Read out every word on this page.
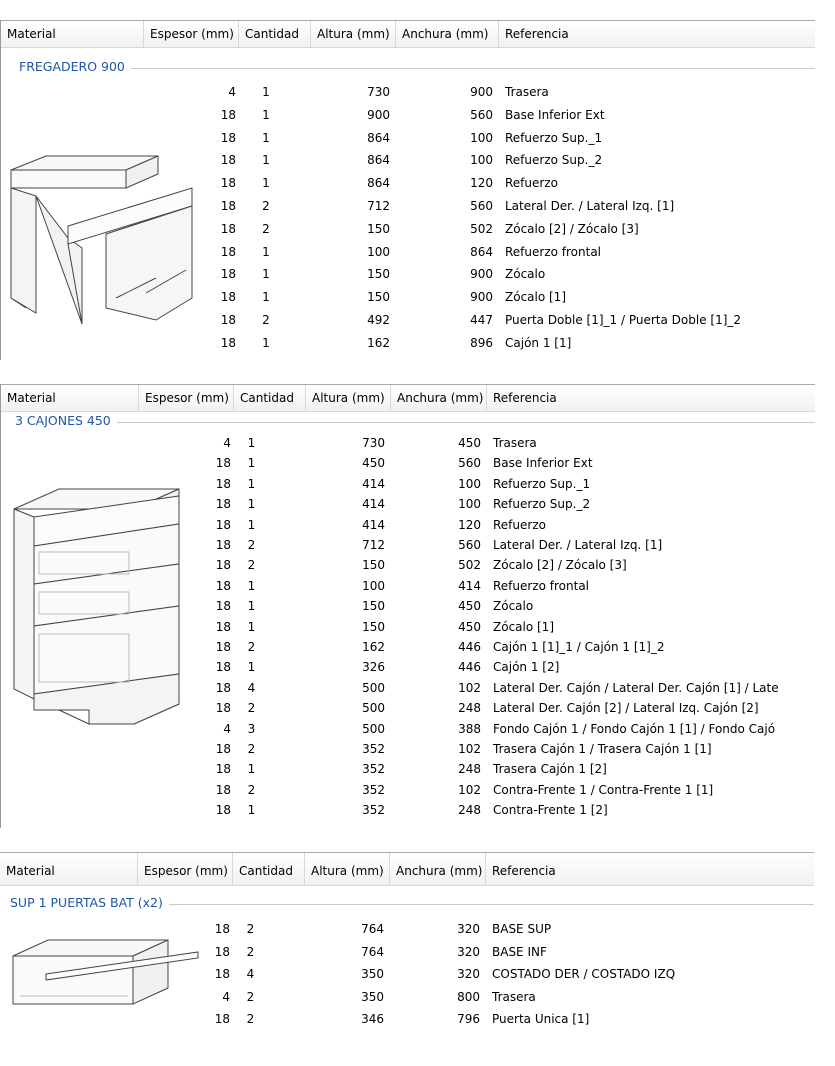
Material	Espesor (mm) Cantidad	Altura (mm)	Anchura (mm)	Referencia
FREGADERO 900
4	1	730	900 Trasera
18	1	900	560 Base Inferior Ext
18	1	864	100 Refuerzo Sup._1
18	1	864	100 Refuerzo Sup._2
18	1	864	120 Refuerzo
18	2	712	560 Lateral Der. / Lateral Izq. [1]
18	2	150	502 Zócalo [2] / Zócalo [3]
18	1	100	864 Refuerzo frontal
18	1	150	900 Zócalo
18	1	150	900 Zócalo [1]
18	2	492	447 Puerta Doble [1]_1 / Puerta Doble [1]_2
18	1	162	896 Cajón 1 [1]
Material	Espesor (mm) Cantidad	Altura (mm)	Anchura (mm) Referencia
3 CAJONES 450
4	1	730	450 Trasera
18	1	450	560 Base Inferior Ext
18	1	414	100 Refuerzo Sup._1
18	1	414	100 Refuerzo Sup._2
18	1	414	120 Refuerzo
18	2	712	560 Lateral Der. / Lateral Izq. [1]
18	2	150	502 Zócalo [2] / Zócalo [3]
18	1	100	414 Refuerzo frontal
18	1	150	450 Zócalo
18	1	150	450 Zócalo [1]
18	2	162	446 Cajón 1 [1]_1 / Cajón 1 [1]_2
18	1	326	446 Cajón 1 [2]
18	4	500	102 Lateral Der. Cajón / Lateral Der. Cajón [1] / Late
18	2	500	248 Lateral Der. Cajón [2] / Lateral Izq. Cajón [2]
4	3	500	388 Fondo Cajón 1 / Fondo Cajón 1 [1] / Fondo Cajó
18	2	352	102 Trasera Cajón 1 / Trasera Cajón 1 [1]
18	1	352	248 Trasera Cajón 1 [2]
18	2	352	102 Contra-Frente 1 / Contra-Frente 1 [1]
18	1	352	248 Contra-Frente 1 [2]
Material	Espesor (mm) Cantidad	Altura (mm)	Anchura (mm) Referencia
SUP 1 PUERTAS BAT (x2)
18	2	764	320 BASE SUP
18	2	764	320 BASE INF
18	4	350	320 COSTADO DER / COSTADO IZQ
4	2	350	800 Trasera
18	2	346	796 Puerta Unica [1]
